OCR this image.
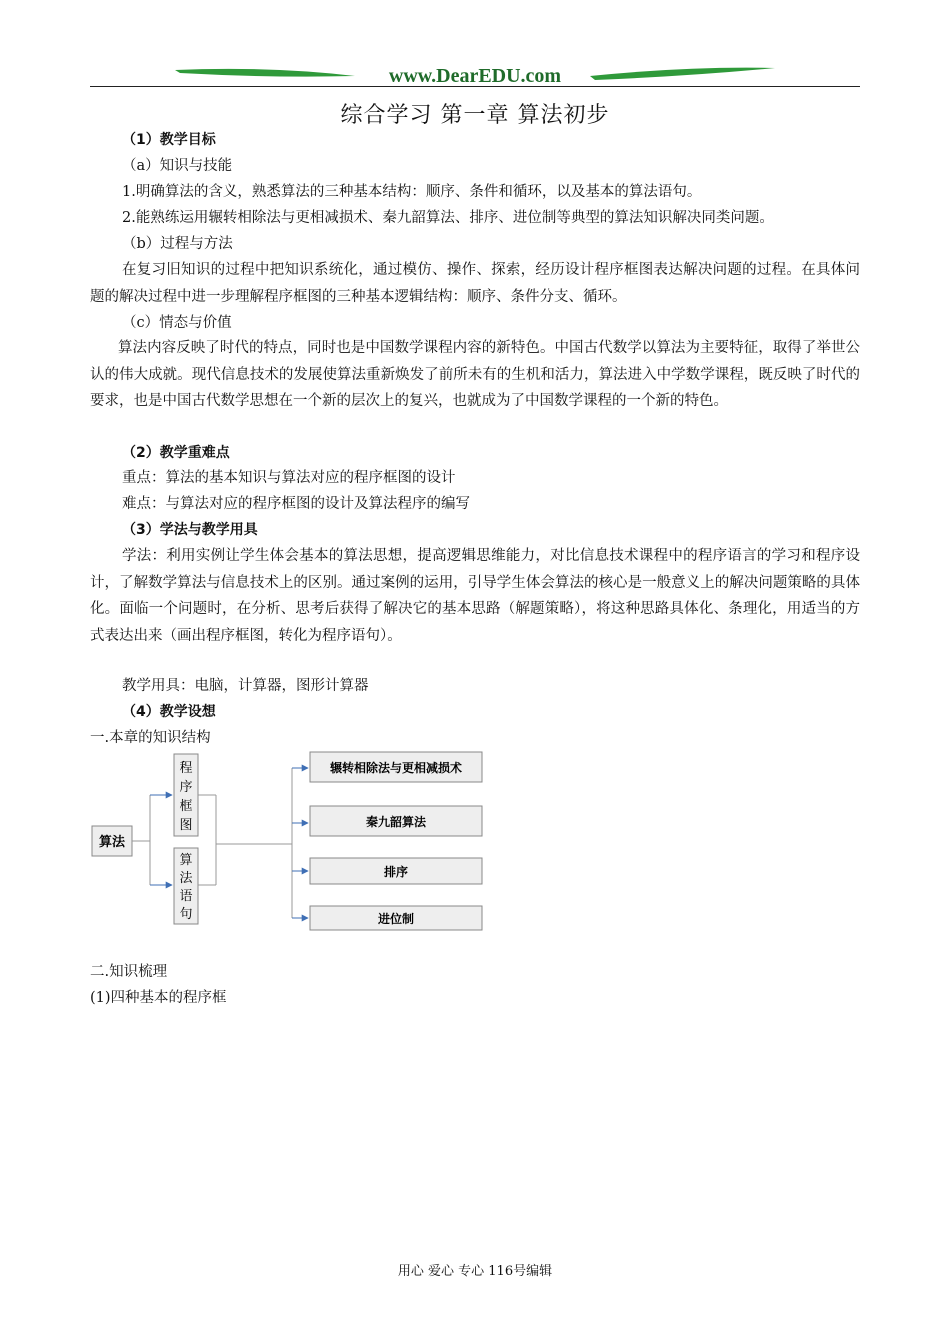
www.DearEDU.com
综合学习 第一章 算法初步
（1）教学目标
（a）知识与技能
1.明确算法的含义，熟悉算法的三种基本结构：顺序、条件和循环，以及基本的算法语句。
2.能熟练运用辗转相除法与更相减损术、秦九韶算法、排序、进位制等典型的算法知识解决同类问题。
（b）过程与方法
在复习旧知识的过程中把知识系统化，通过模仿、操作、探索，经历设计程序框图表达解决问题的过程。在具体问题的解决过程中进一步理解程序框图的三种基本逻辑结构：顺序、条件分支、循环。
（c）情态与价值
算法内容反映了时代的特点，同时也是中国数学课程内容的新特色。中国古代数学以算法为主要特征，取得了举世公认的伟大成就。现代信息技术的发展使算法重新焕发了前所未有的生机和活力，算法进入中学数学课程，既反映了时代的要求，也是中国古代数学思想在一个新的层次上的复兴，也就成为了中国数学课程的一个新的特色。
（2）教学重难点
重点：算法的基本知识与算法对应的程序框图的设计
难点：与算法对应的程序框图的设计及算法程序的编写
（3）学法与教学用具
学法：利用实例让学生体会基本的算法思想，提高逻辑思维能力，对比信息技术课程中的程序语言的学习和程序设计，了解数学算法与信息技术上的区别。通过案例的运用，引导学生体会算法的核心是一般意义上的解决问题策略的具体化。面临一个问题时，在分析、思考后获得了解决它的基本思路（解题策略），将这种思路具体化、条理化，用适当的方式表达出来（画出程序框图，转化为程序语句）。
教学用具：电脑，计算器，图形计算器
（4）教学设想
一.本章的知识结构
算法
程
序
框
图
算
法
语
句
辗转相除法与更相减损术
秦九韶算法
排序
进位制
二.知识梳理
(1)四种基本的程序框
用心 爱心 专心 116号编辑
